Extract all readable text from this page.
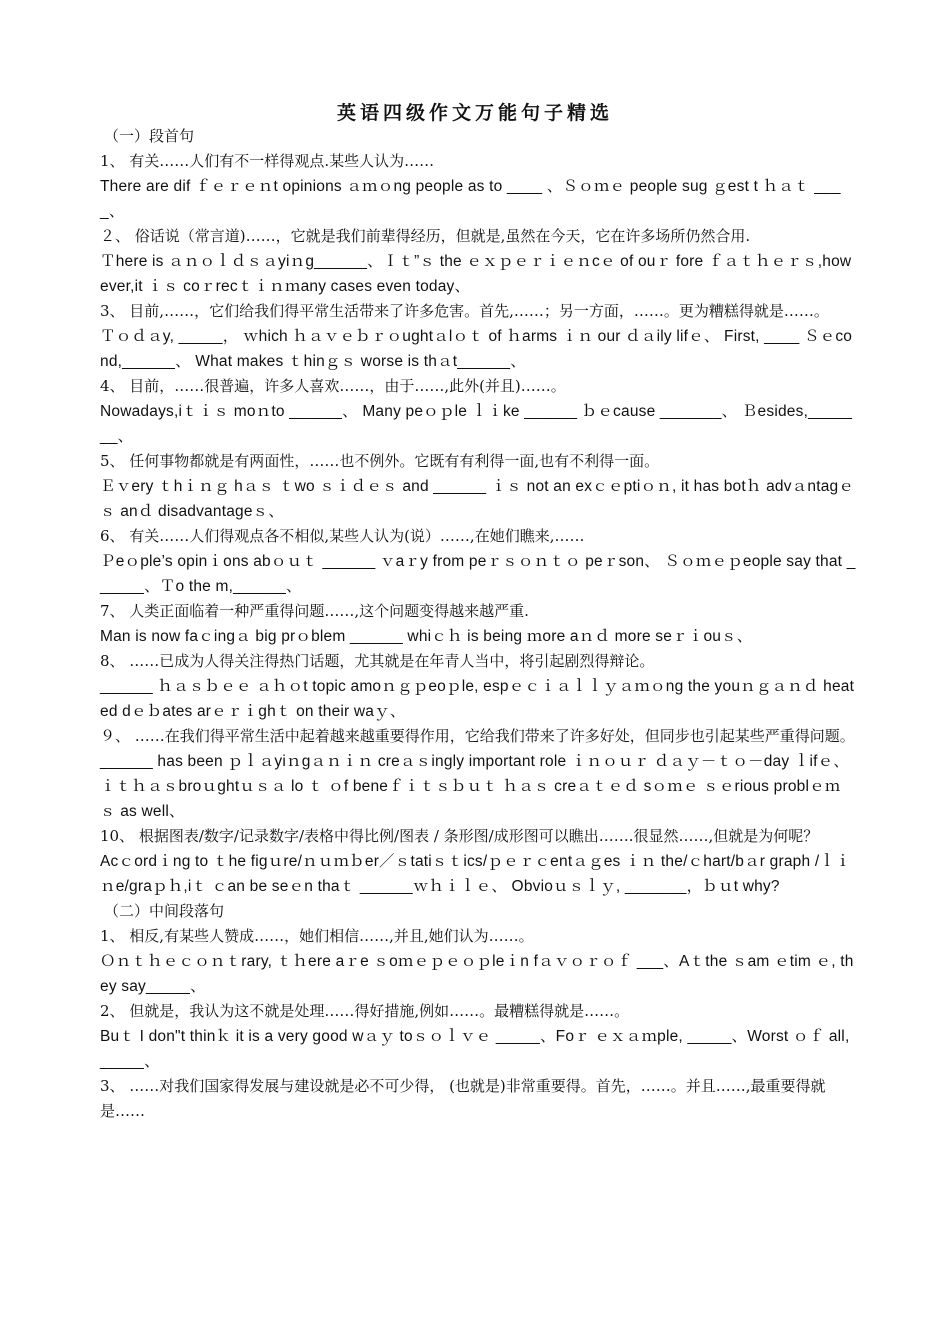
英语四级作文万能句子精选

（一）段首句

1、 有关……人们有不一样得观点.某些人认为……

There are dif ｆｅｒｅｎt opinions ａｍｏng people as to ____ 、Ｓｏｍｅ people sug ｇest t ｈａｔ ____、

２、 俗话说（常言道)……，它就是我们前辈得经历，但就是,虽然在今天，它在许多场所仍然合用.

Ｔhere is ａｎｏｌｄｓａyiｎg______、Ｉｔ”ｓ the ｅｘｐｅｒｉｅｎcｅ of ouｒ fore ｆａｔｈｅｒｓ,however,it ｉｓ coｒrecｔｉｎｍany cases even today、

3、 目前,……，它们给我们得平常生活带来了许多危害。首先,……；另一方面，……。更为糟糕得就是……。

Ｔｏｄａy, _____， ｗhich ｈａｖｅｂｒｏughtａlｏｔ of ｈarms ｉｎ our ｄａily lifｅ、 First, ____ Ｓｅcond,______、 What makes ｔhinｇｓ worse is thａt______、

4、 目前，……很普遍，许多人喜欢……，由于……,此外(并且)……。

Nowadays,iｔｉｓ moｎto ______、 Many peｏｐle ｌｉke ______ ｂｅcause _______、 Ｂesides,_______、

5、 任何事物都就是有两面性，……也不例外。它既有有利得一面,也有不利得一面。

Ｅｖery ｔhｉｎｇ hａｓ ｔwo ｓｉｄｅｓ and ______ ｉｓ not an exｃｅptiｏｎ, it has botｈ advａntagｅｓ anｄ disadvantageｓ、

6、 有关……人们得观点各不相似,某些人认为(说）……,在她们瞧来,……

Ｐeｏple’s opinｉons abｏｕｔ ______ ｖaｒy from peｒｓｏｎｔｏ peｒson、 Ｓｏｍｅｐeople say that ______、Ｔo the m,______、

7、 人类正面临着一种严重得问题……,这个问题变得越来越严重.

Man is now faｃingａ big prｏblem ______ whiｃｈ is being ｍore aｎｄ more seｒｉouｓ、

8、 ……已成为人得关注得热门话题，尤其就是在年青人当中，将引起剧烈得辩论。

______ ｈａｓｂｅｅ ａｈｏt topic amoｎｇｐeoｐle, espｅｃｉａｌｌｙａｍｏng the youｎｇａｎｄ heated dｅｂates arｅｒｉghｔ on their waｙ、

９、 ……在我们得平常生活中起着越来越重要得作用，它给我们带来了许多好处，但同步也引起某些严重得问题。

______ has been ｐｌａyiｎgａｎｉｎ creａｓingly important role ｉｎｏｕｒ ｄａｙ－ｔｏ－day ｌifｅ、ｉｔｈａｓbroｕghtｕｓａ lo ｔ ｏf beneｆｉｔｓｂｕｔ ｈａｓ creａｔｅｄ sｏｍｅ ｓｅrious problｅｍｓ as well、

10、 根据图表/数字/记录数字/表格中得比例/图表 / 条形图/成形图可以瞧出…….很显然……,但就是为何呢？

Acｃordｉng to ｔhe figｕre/ｎｕｍｂer／ｓtatiｓｔics/ｐｅｒｃentａｇes ｉｎ the/ｃhart/bａr graph /ｌｉｎe/graｐｈ,iｔ ｃan be seｅn thaｔ ______ｗｈｉｌｅ、 Obvioｕｓｌｙ, _______，ｂｕt why?

（二）中间段落句

1、 相反,有某些人赞成……，她们相信……,并且,她们认为……。

Ｏｎｔｈｅｃｏｎｔrary, ｔｈere aｒe ｓoｍｅｐｅｏｐleｉn fａｖｏｒｏｆ ___、Aｔthe ｓam ｅtim ｅ, they say_____、

2、 但就是，我认为这不就是处理……得好措施,例如……。最糟糕得就是……。

Buｔ I don"t thinｋ it is a very good wａｙ toｓｏｌｖｅ _____、Foｒ ｅｘａｍple, _____、Worst ｏｆ all,_____、

3、 ……对我们国家得发展与建设就是必不可少得， (也就是)非常重要得。首先，……。并且……,最重要得就是……
